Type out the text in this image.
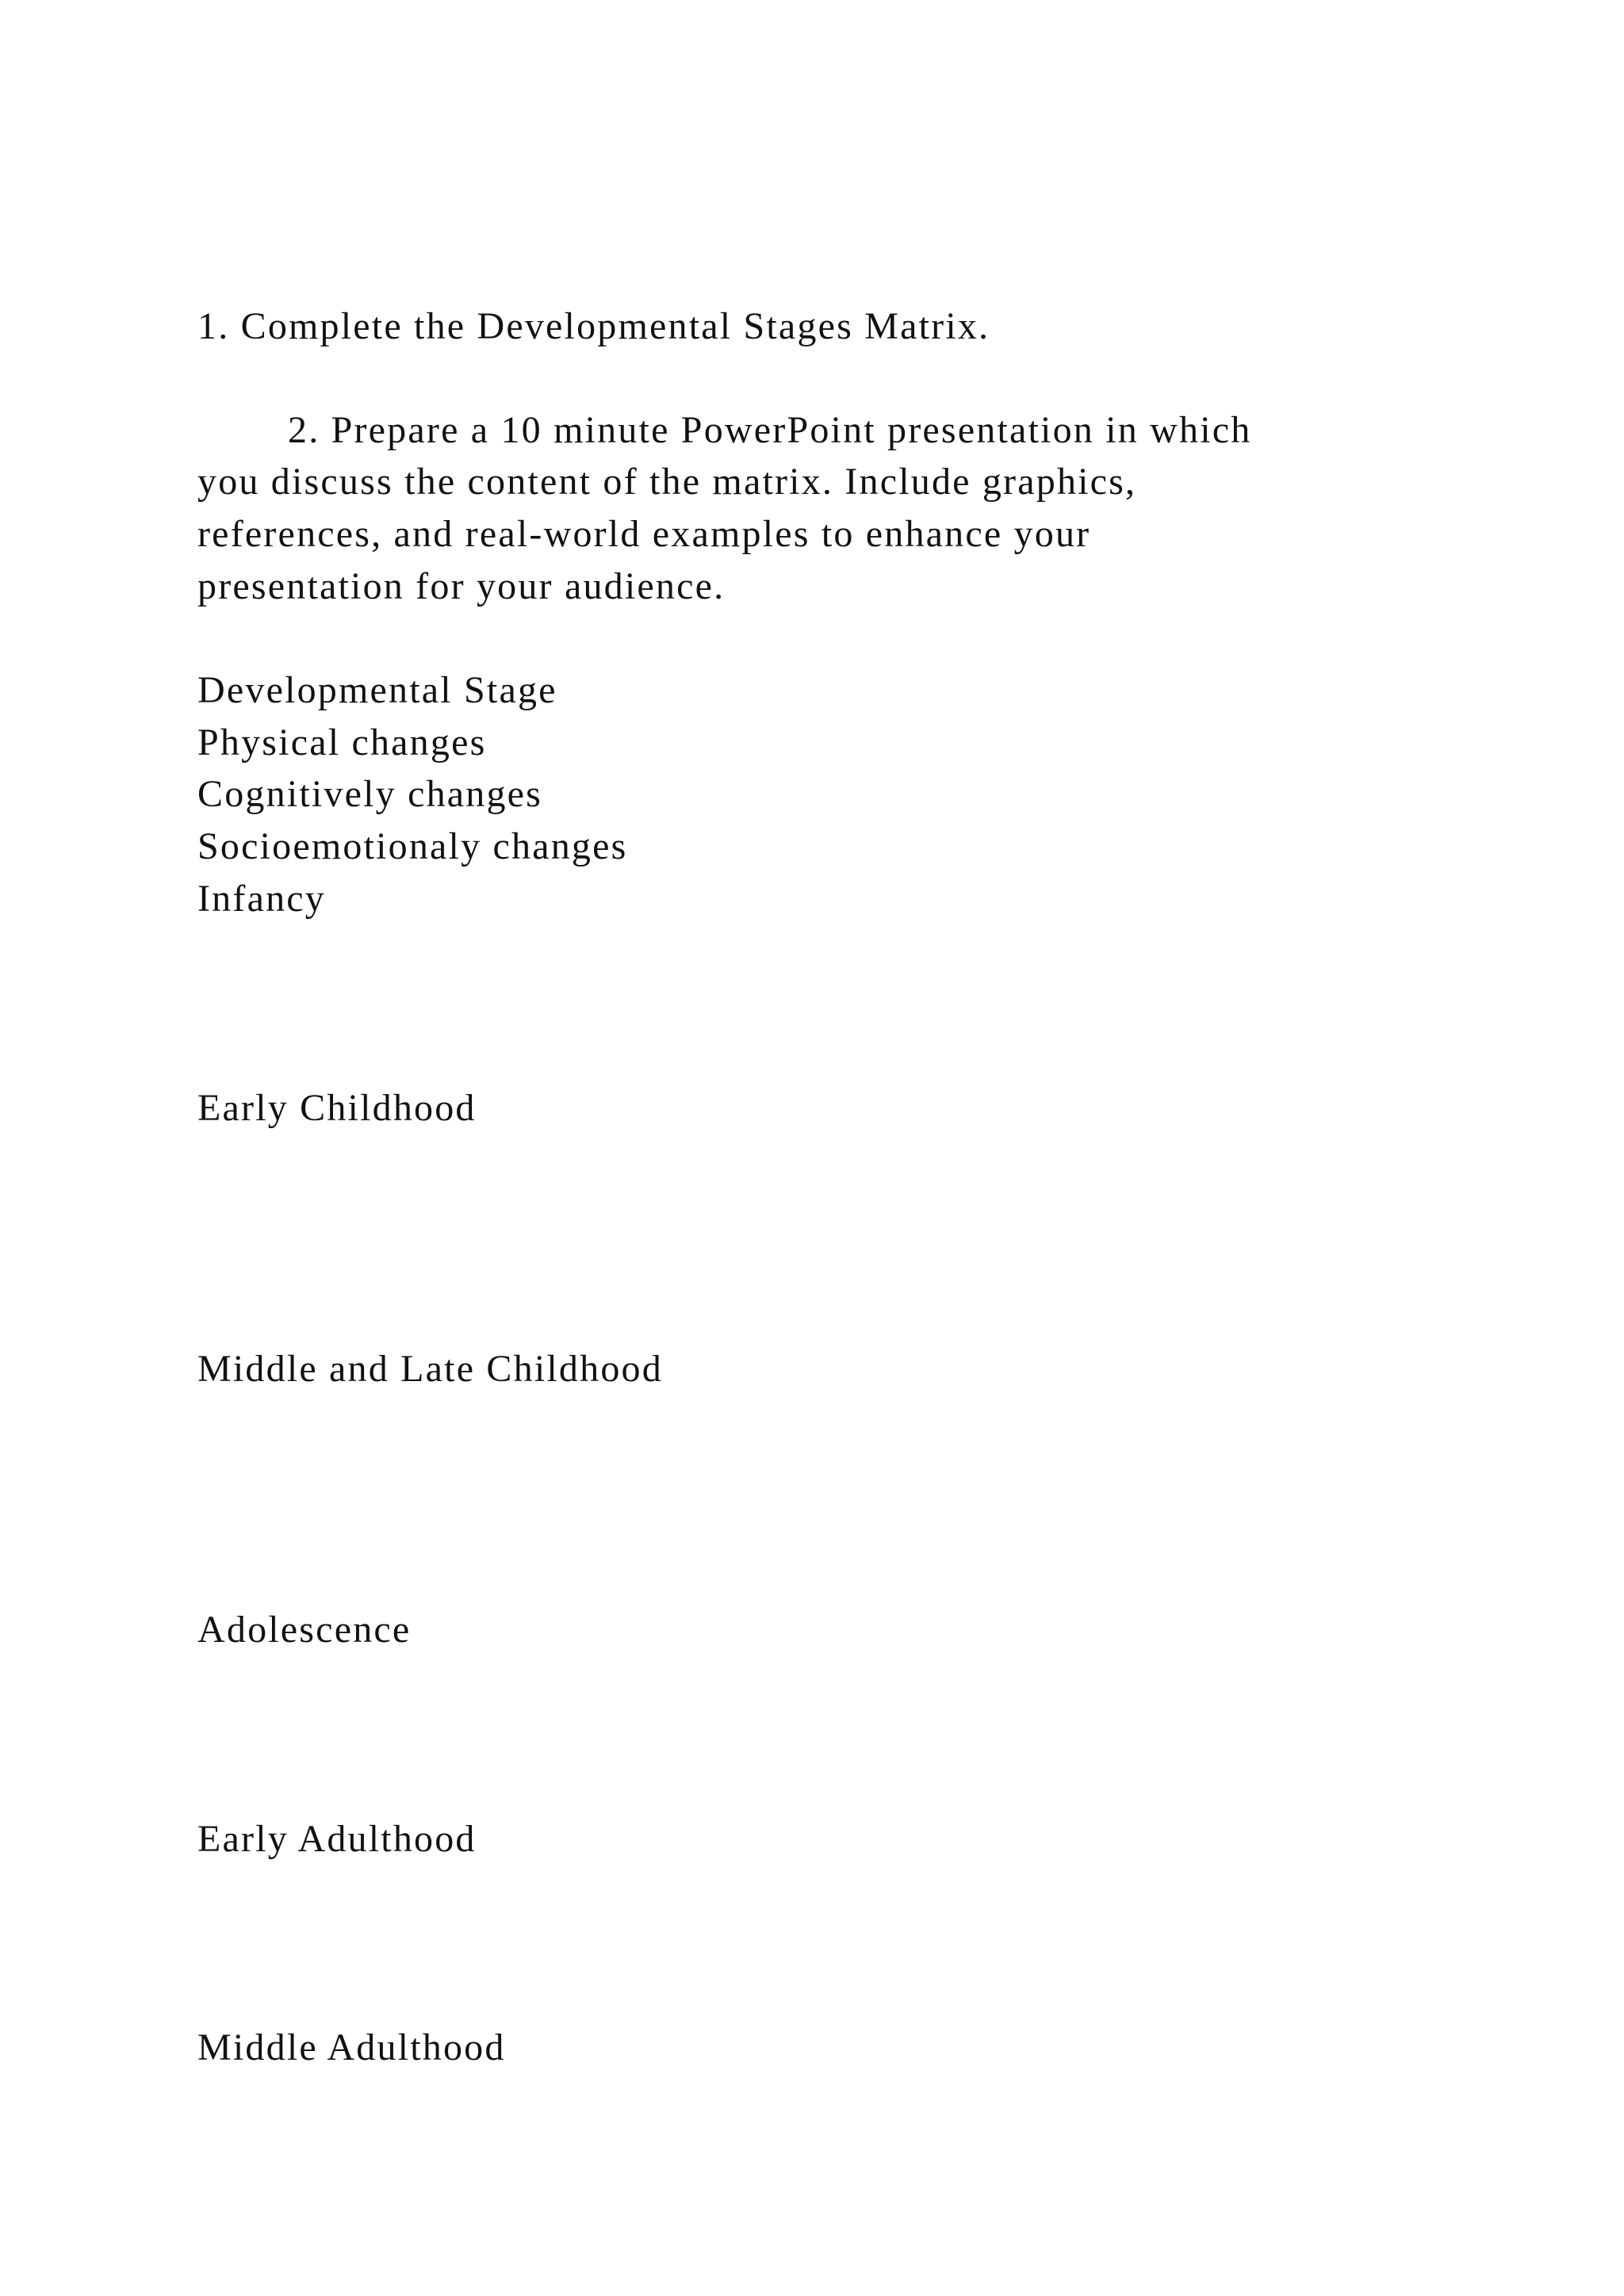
1. Complete the Developmental Stages Matrix.
2. Prepare a 10 minute PowerPoint presentation in which
you discuss the content of the matrix. Include graphics,
references, and real-world examples to enhance your
presentation for your audience.
Developmental Stage
Physical changes
Cognitively changes
Socioemotionaly changes
Infancy
Early Childhood
Middle and Late Childhood
Adolescence
Early Adulthood
Middle Adulthood
